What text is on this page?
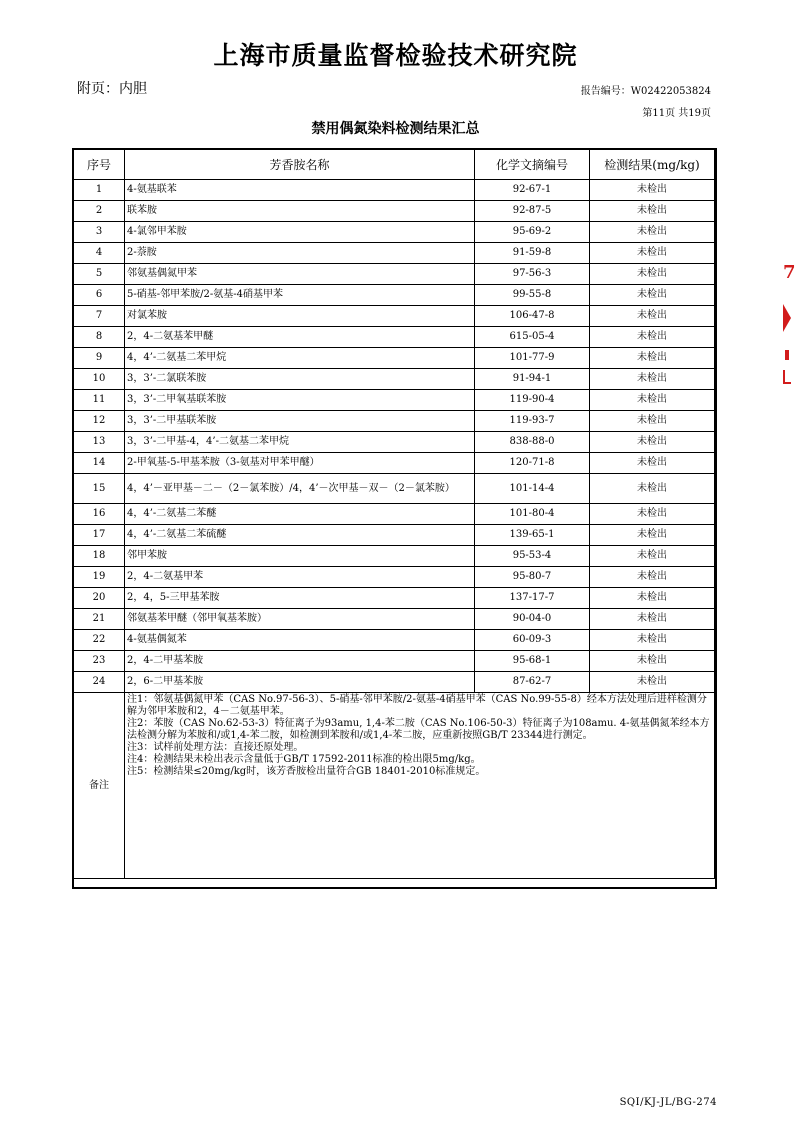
上海市质量监督检验技术研究院
附页：内胆	报告编号：W02422053824
第11页 共19页
禁用偶氮染料检测结果汇总
序号	芳香胺名称	化学文摘编号	检测结果(mg/kg)
1	4-氨基联苯	92-67-1	未检出
2	联苯胺	92-87-5	未检出
3	4-氯邻甲苯胺	95-69-2	未检出
4	2-萘胺	91-59-8	未检出
5	邻氨基偶氮甲苯	97-56-3	未检出
6	5-硝基-邻甲苯胺/2-氨基-4硝基甲苯	99-55-8	未检出
7	对氯苯胺	106-47-8	未检出
8	2，4-二氨基苯甲醚	615-05-4	未检出
9	4，4’-二氨基二苯甲烷	101-77-9	未检出
10	3，3’-二氯联苯胺	91-94-1	未检出
11	3，3’-二甲氧基联苯胺	119-90-4	未检出
12	3，3’-二甲基联苯胺	119-93-7	未检出
13	3，3’-二甲基-4，4’-二氨基二苯甲烷	838-88-0	未检出
14	2-甲氧基-5-甲基苯胺（3-氨基对甲苯甲醚）	120-71-8	未检出
15	4，4’－亚甲基－二－（2－氯苯胺）/4，4’－次甲基－双－（2－氯苯胺）	101-14-4	未检出
16	4，4’-二氨基二苯醚	101-80-4	未检出
17	4，4’-二氨基二苯硫醚	139-65-1	未检出
18	邻甲苯胺	95-53-4	未检出
19	2，4-二氨基甲苯	95-80-7	未检出
20	2，4，5-三甲基苯胺	137-17-7	未检出
21	邻氨基苯甲醚（邻甲氧基苯胺）	90-04-0	未检出
22	4-氨基偶氮苯	60-09-3	未检出
23	2，4-二甲基苯胺	95-68-1	未检出
24	2，6-二甲基苯胺	87-62-7	未检出
备注	注1：邻氨基偶氮甲苯（CAS No.97-56-3）、5-硝基-邻甲苯胺/2-氨基-4硝基甲苯（CAS No.99-55-8）经本方法处理后进样检测分解为邻甲苯胺和2，4－二氨基甲苯。
注2：苯胺（CAS No.62-53-3）特征离子为93amu, 1,4-苯二胺（CAS No.106-50-3）特征离子为108amu. 4-氨基偶氮苯经本方法检测分解为苯胺和/或1,4-苯二胺，如检测到苯胺和/或1,4-苯二胺，应重新按照GB/T 23344进行测定。
注3：试样前处理方法：直接还原处理。
注4：检测结果未检出表示含量低于GB/T 17592-2011标准的检出限5mg/kg。
注5：检测结果≤20mg/kg时，该芳香胺检出量符合GB 18401-2010标准规定。		
7
SQI/KJ-JL/BG-274
